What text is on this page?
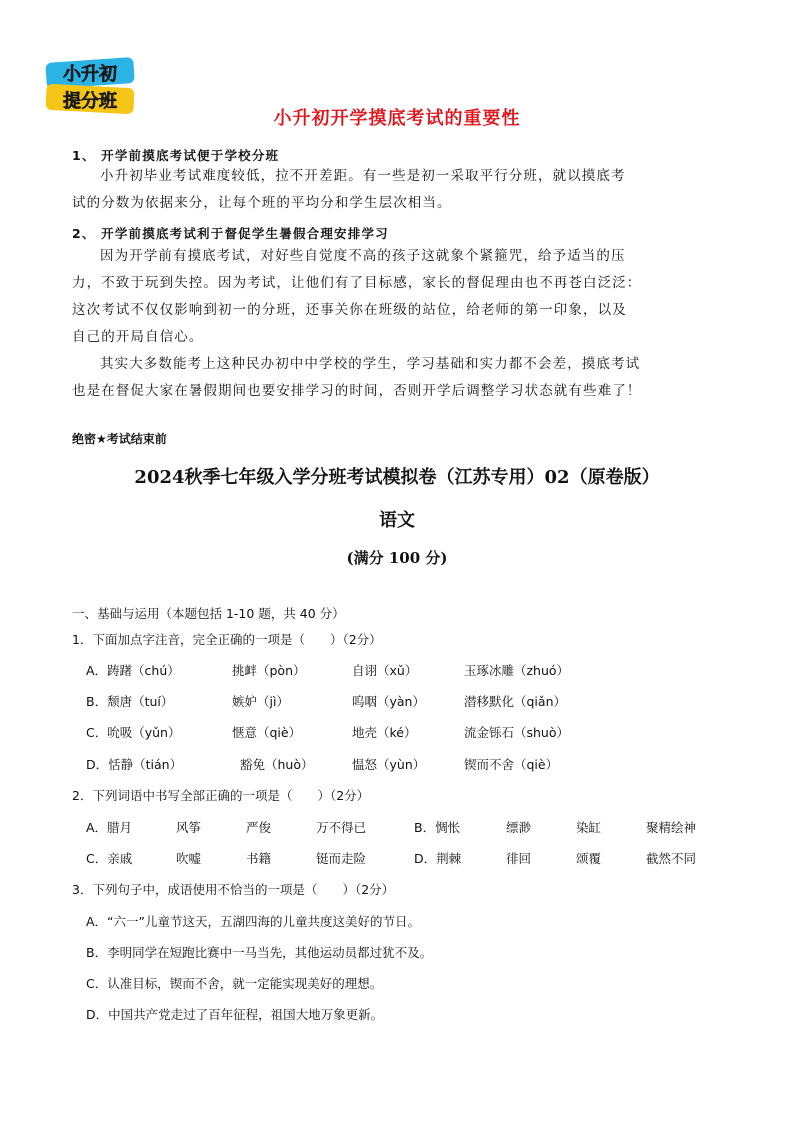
小升初
提分班
小升初开学摸底考试的重要性
1、 开学前摸底考试便于学校分班
小升初毕业考试难度较低，拉不开差距。有一些是初一采取平行分班，就以摸底考
试的分数为依据来分，让每个班的平均分和学生层次相当。
2、 开学前摸底考试利于督促学生暑假合理安排学习
因为开学前有摸底考试，对好些自觉度不高的孩子这就象个紧箍咒，给予适当的压
力，不致于玩到失控。因为考试，让他们有了目标感，家长的督促理由也不再苍白泛泛：
这次考试不仅仅影响到初一的分班，还事关你在班级的站位，给老师的第一印象，以及
自己的开局自信心。
其实大多数能考上这种民办初中中学校的学生，学习基础和实力都不会差，摸底考试
也是在督促大家在暑假期间也要安排学习的时间，否则开学后调整学习状态就有些难了！
绝密★考试结束前
2024秋季七年级入学分班考试模拟卷（江苏专用）02（原卷版）
语文
(满分 100 分)
一、基础与运用（本题包括 1-10 题，共 40 分）
1．下面加点字注音，完全正确的一项是（　　）（2分）
A．踌躇（chú）	挑衅（pòn）	自诩（xǔ）	玉琢冰雕（zhuó）
B．颓唐（tuí）	嫉妒（jì）	呜咽（yàn）	潜移默化（qiǎn）
C．吮吸（yǔn）	惬意（qiè）	地壳（ké）	流金铄石（shuò）
D．恬静（tián）	豁免（huò）	愠怒（yùn）	锲而不舍（qiè）
2．下列词语中书写全部正确的一项是（　　）（2分）
A．腊月	风筝	严俊	万不得已	B．惆怅	缥渺	染缸	聚精绘神
C．亲戚	吹嘘	书籍	铤而走险	D．荆棘	徘回	颂覆	截然不同
3．下列句子中，成语使用不恰当的一项是（　　）（2分）
A．“六一”儿童节这天，五湖四海的儿童共度这美好的节日。
B．李明同学在短跑比赛中一马当先，其他运动员都过犹不及。
C．认准目标，锲而不舍，就一定能实现美好的理想。
D．中国共产党走过了百年征程，祖国大地万象更新。
